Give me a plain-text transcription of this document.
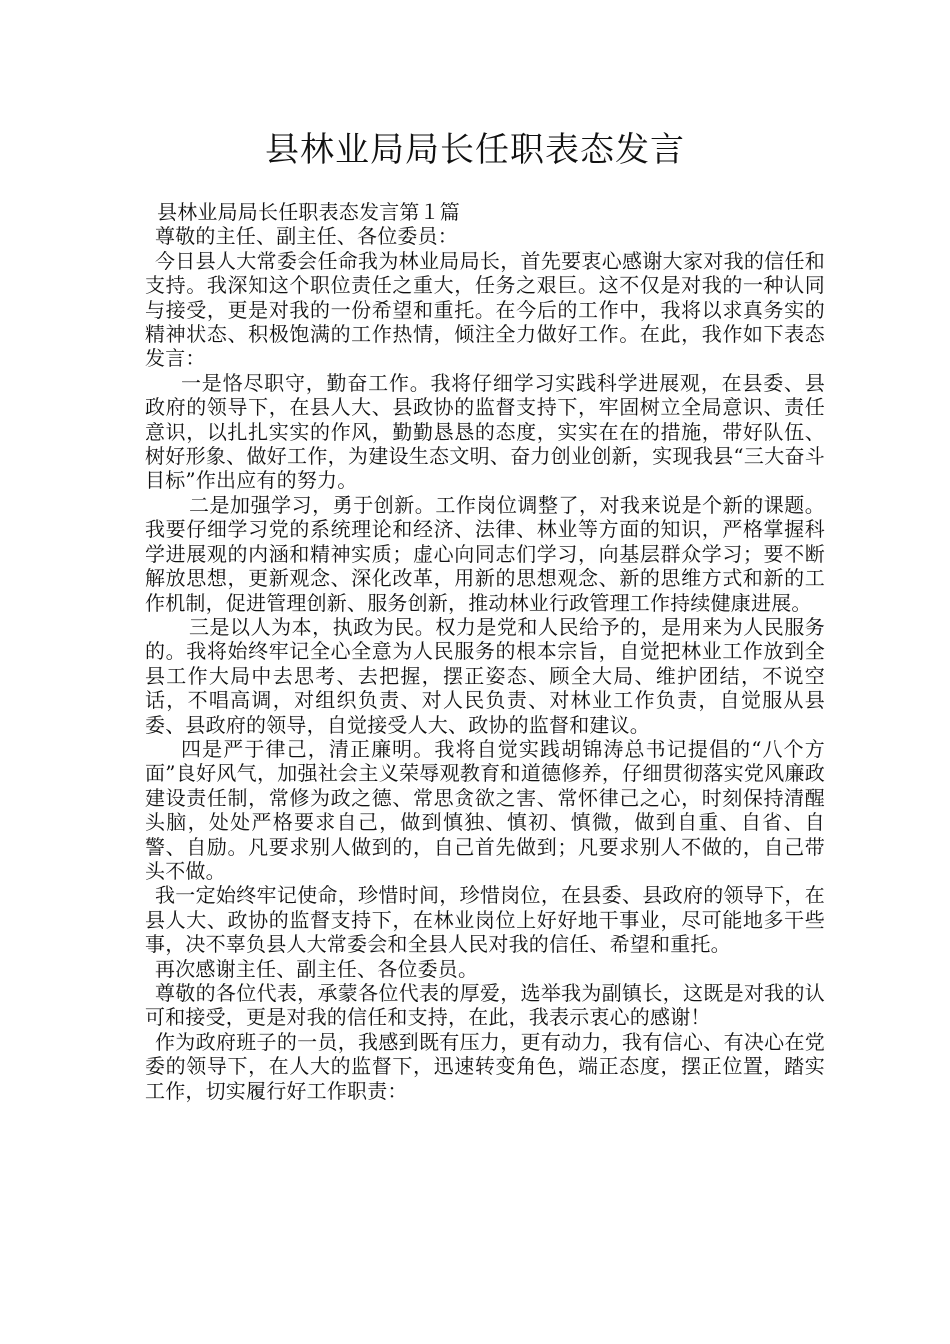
县林业局局长任职表态发言

县林业局局长任职表态发言第１篇

尊敬的主任、副主任、各位委员：

今日县人大常委会任命我为林业局局长，首先要衷心感谢大家对我的信任和支持。我深知这个职位责任之重大，任务之艰巨。这不仅是对我的一种认同与接受，更是对我的一份希望和重托。在今后的工作中，我将以求真务实的精神状态、积极饱满的工作热情，倾注全力做好工作。在此，我作如下表态发言：

一是恪尽职守，勤奋工作。我将仔细学习实践科学进展观，在县委、县政府的领导下，在县人大、县政协的监督支持下，牢固树立全局意识、责任意识，以扎扎实实的作风，勤勤恳恳的态度，实实在在的措施，带好队伍、树好形象、做好工作，为建设生态文明、奋力创业创新，实现我县“三大奋斗目标”作出应有的努力。

二是加强学习，勇于创新。工作岗位调整了，对我来说是个新的课题。我要仔细学习党的系统理论和经济、法律、林业等方面的知识，严格掌握科学进展观的内涵和精神实质；虚心向同志们学习，向基层群众学习；要不断解放思想，更新观念、深化改革，用新的思想观念、新的思维方式和新的工作机制，促进管理创新、服务创新，推动林业行政管理工作持续健康进展。

三是以人为本，执政为民。权力是党和人民给予的，是用来为人民服务的。我将始终牢记全心全意为人民服务的根本宗旨，自觉把林业工作放到全县工作大局中去思考、去把握，摆正姿态、顾全大局、维护团结，不说空话，不唱高调，对组织负责、对人民负责、对林业工作负责，自觉服从县委、县政府的领导，自觉接受人大、政协的监督和建议。

四是严于律己，清正廉明。我将自觉实践胡锦涛总书记提倡的“八个方面”良好风气，加强社会主义荣辱观教育和道德修养，仔细贯彻落实党风廉政建设责任制，常修为政之德、常思贪欲之害、常怀律己之心，时刻保持清醒头脑，处处严格要求自己，做到慎独、慎初、慎微，做到自重、自省、自警、自励。凡要求别人做到的，自己首先做到；凡要求别人不做的，自己带头不做。

我一定始终牢记使命，珍惜时间，珍惜岗位，在县委、县政府的领导下，在县人大、政协的监督支持下，在林业岗位上好好地干事业，尽可能地多干些事，决不辜负县人大常委会和全县人民对我的信任、希望和重托。

再次感谢主任、副主任、各位委员。

尊敬的各位代表，承蒙各位代表的厚爱，选举我为副镇长，这既是对我的认可和接受，更是对我的信任和支持，在此，我表示衷心的感谢！

作为政府班子的一员，我感到既有压力，更有动力，我有信心、有决心在党委的领导下，在人大的监督下，迅速转变角色，端正态度，摆正位置，踏实工作，切实履行好工作职责：
